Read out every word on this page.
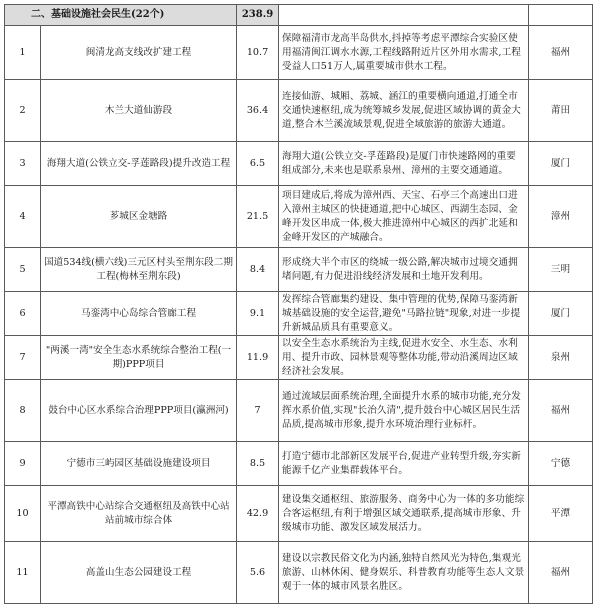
二、基础设施社会民生(22个)		238.9		
1	闽清龙高支线改扩建工程	10.7	保障福清市龙高半岛供水,抖掉等考虑平潭综合实验区使用福清闽江调水水源,工程线路附近片区外用水需求,工程受益人口51万人,属重要城市供水工程。	福州
2	木兰大道仙游段	36.4	连接仙游、城厢、荔城、涵江的重要横向通道,打通全市交通快速枢纽,成为统筹城乡发展,促进区域协调的黄金大道,整合木兰溪流域景观,促进全域旅游的旅游大通道。	莆田
3	海翔大道(公铁立交-孚莲路段)提升改造工程	6.5	海翔大道(公铁立交-孚莲路段)是厦门市快速路网的重要组成部分,未来也是联系泉州、漳州的主要交通通道。	厦门
4	芗城区金塘路	21.5	项目建成后,将成为漳州西、天宝、石亭三个高速出口进入漳州主城区的快捷通道,把中心城区、西湖生态园、金峰开发区串成一体,极大推进漳州中心城区的西扩北延和金峰开发区的产城融合。	漳州
5	国道534线(横六线)三元区村头至荆东段二期工程(梅林至荆东段)	8.4	形成绕大半个市区的绕城一级公路,解决城市过境交通拥堵问题,有力促进沿线经济发展和土地开发利用。	三明
6	马銮湾中心岛综合管廊工程	9.1	发挥综合管廊集约建设、集中管理的优势,保障马銮湾新城基础设施的安全运营,避免"马路拉链"现象,对进一步提升新城品质具有重要意义。	厦门
7	"两溪一湾"安全生态水系统综合整治工程(一期)PPP项目	11.9	以安全生态水系统治为主线,促进水安全、水生态、水利用、提升市政、园林景观等整体功能,带动沿溪周边区域经济社会发展。	泉州
8	鼓台中心区水系综合治理PPP项目(瀛洲河)	7	通过流域层面系统治理,全面提升水系的城市功能,充分发挥水系价值,实现"长治久清",提升鼓台中心城区居民生活品质,提高城市形象,提升水环境治理行业标杆。	福州
9	宁德市三屿园区基础设施建设项目	8.5	打造宁德市北部新区发展平台,促进产业转型升级,夯实新能源千亿产业集群载体平台。	宁德
10	平潭高铁中心站综合交通枢纽及高铁中心站站前城市综合体	42.9	建设集交通枢纽、旅游服务、商务中心为一体的多功能综合客运枢纽,有利于增强区域交通联系,提高城市形象、升级城市功能、激发区域发展活力。	平潭
11	高盖山生态公园建设工程	5.6	建设以宗教民俗文化为内涵,独特自然风光为特色,集观光旅游、山林休闲、健身娱乐、科普教育功能等生态人文景观于一体的城市风景名胜区。	福州
